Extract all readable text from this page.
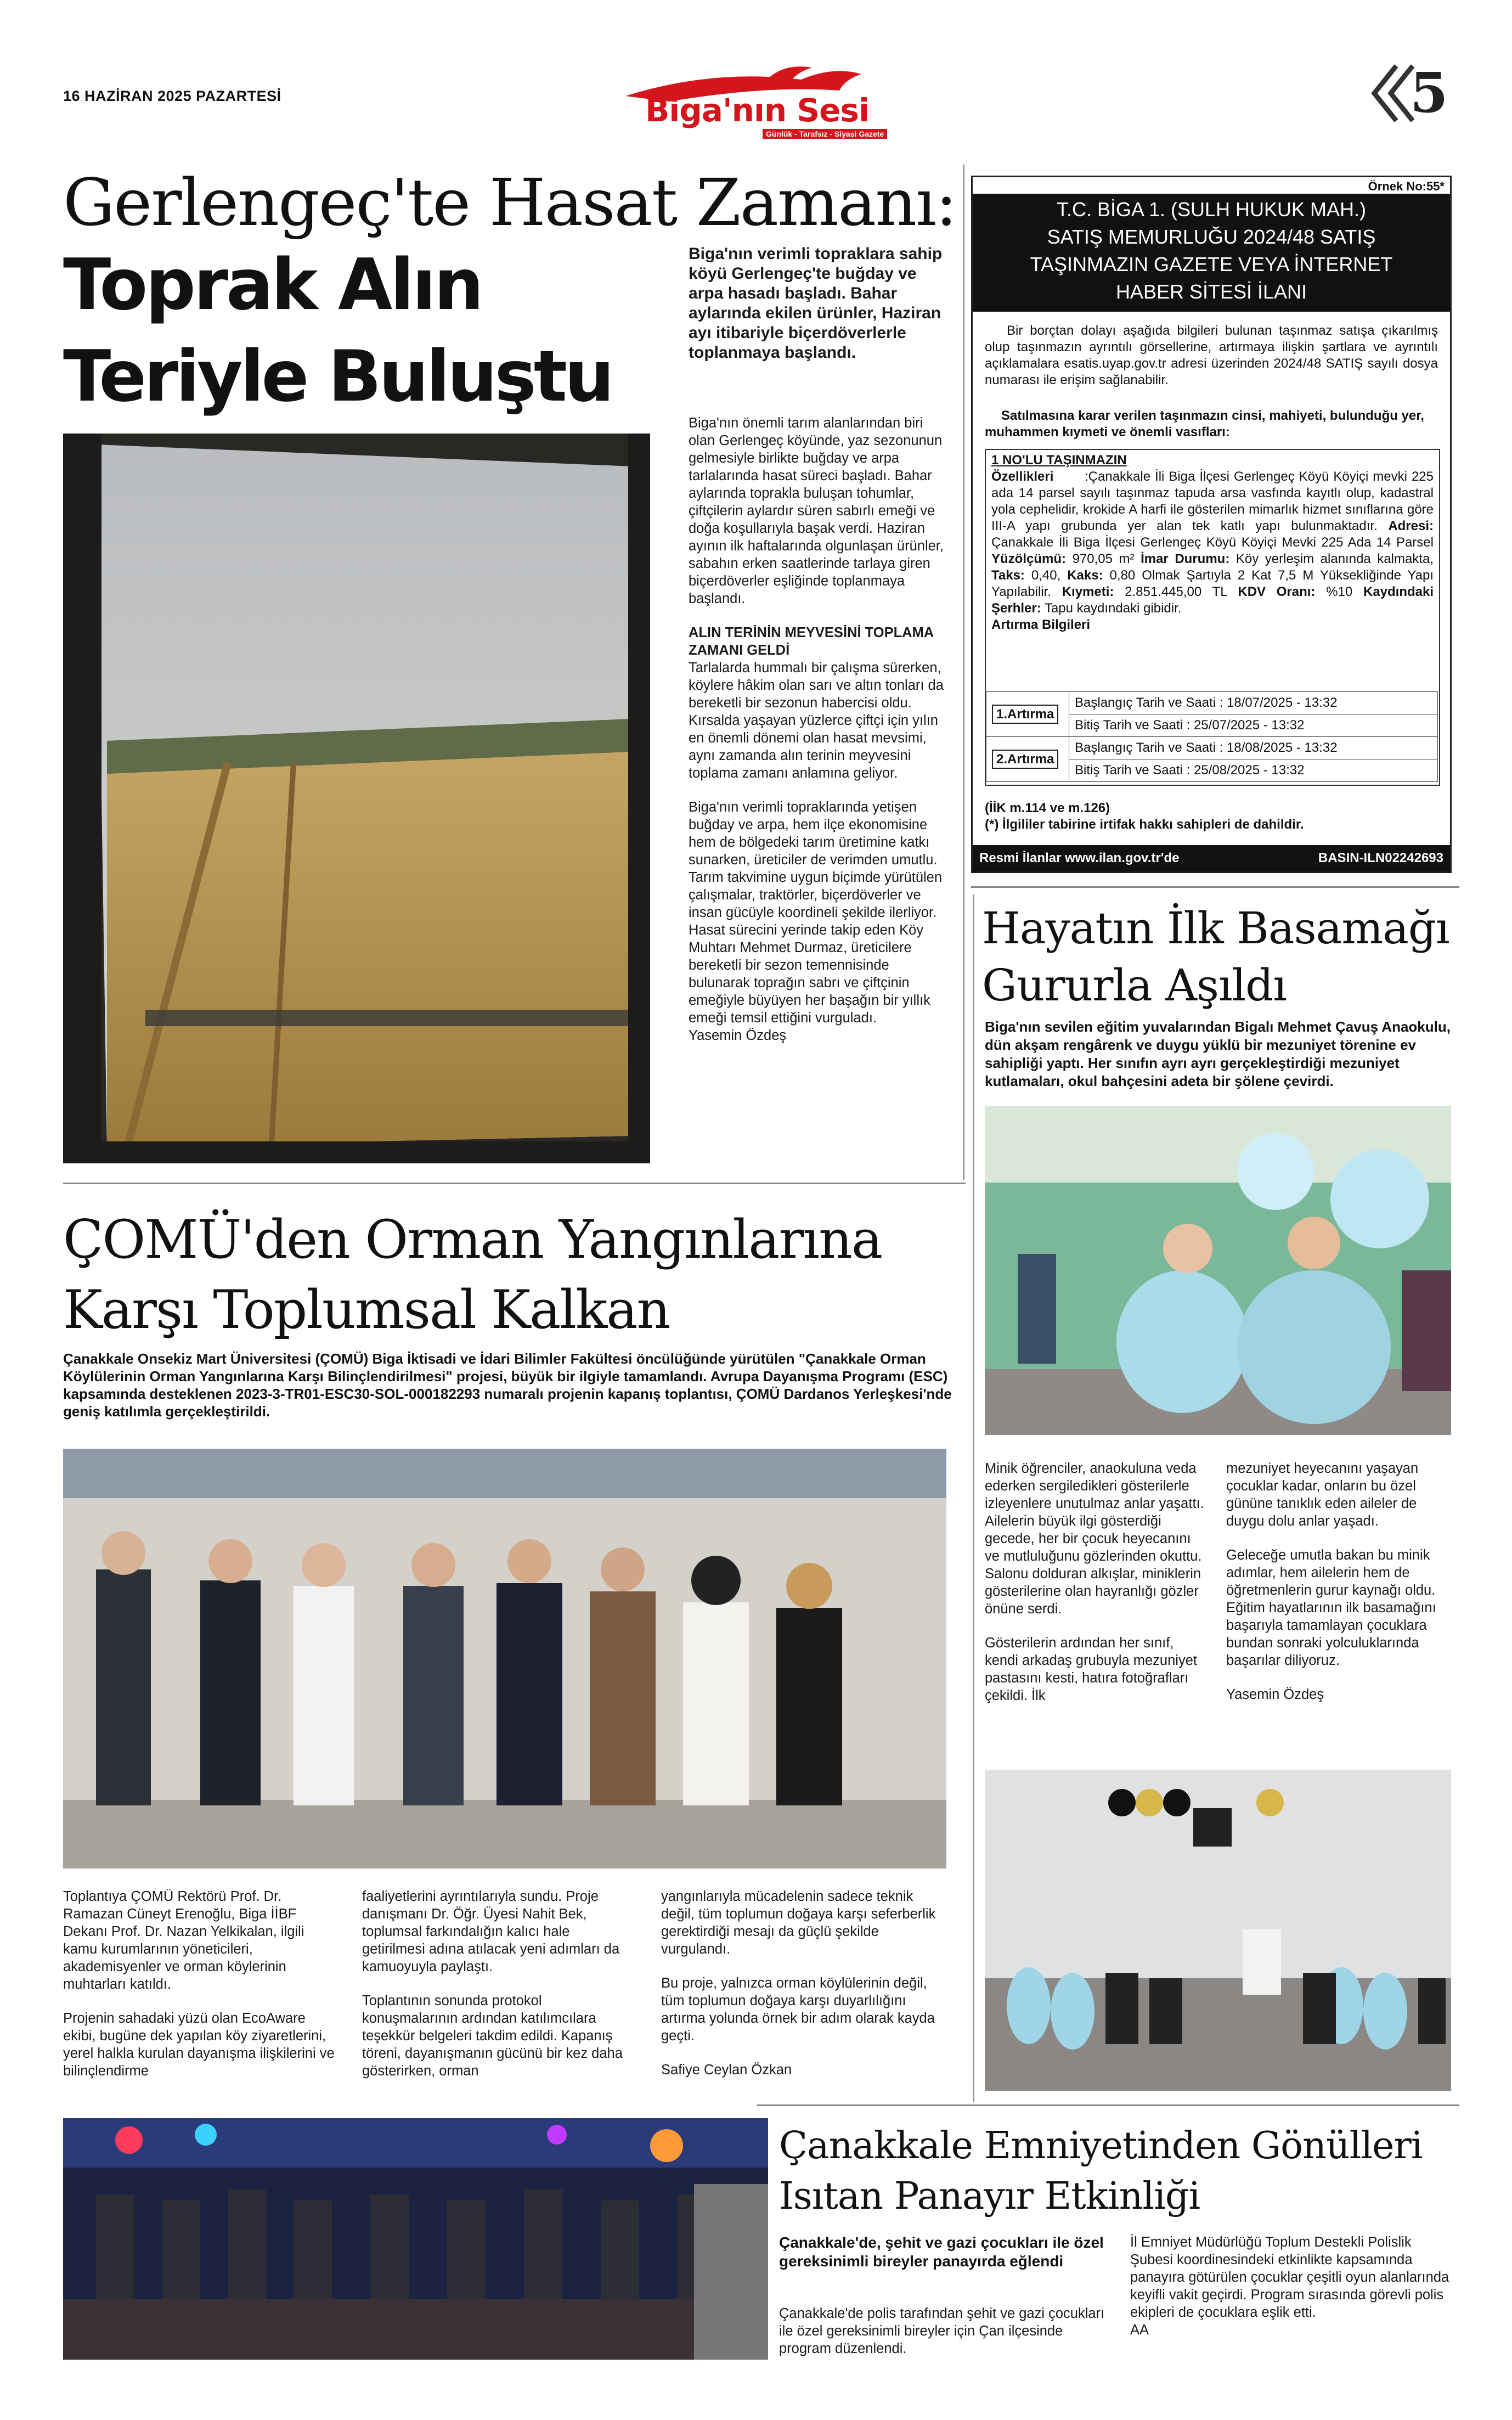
16 HAZİRAN 2025 PAZARTESİ	Biga'nın Sesi
Günlük - Tarafsız - Siyasi Gazete
5
Gerlengeç'te Hasat Zamanı:
Toprak Alın
Teriyle Buluştu
Biga'nın verimli topraklara sahip köyü Gerlengeç'te buğday ve arpa hasadı başladı. Bahar aylarında ekilen ürünler, Haziran ayı itibariyle biçerdöverlerle toplanmaya başlandı.

Biga'nın önemli tarım alanlarından biri olan Gerlengeç köyünde, yaz sezonunun gelmesiyle birlikte buğday ve arpa tarlalarında hasat süreci başladı. Bahar aylarında toprakla buluşan tohumlar, çiftçilerin aylardır süren sabırlı emeği ve doğa koşullarıyla başak verdi. Haziran ayının ilk haftalarında olgunlaşan ürünler, sabahın erken saatlerinde tarlaya giren biçerdöverler eşliğinde toplanmaya başlandı.

ALIN TERİNİN MEYVESİNİ TOPLAMA ZAMANI GELDİ

Tarlalarda hummalı bir çalışma sürerken, köylere hâkim olan sarı ve altın tonları da bereketli bir sezonun habercisi oldu. Kırsalda yaşayan yüzlerce çiftçi için yılın en önemli dönemi olan hasat mevsimi, aynı zamanda alın terinin meyvesini toplama zamanı anlamına geliyor.

Biga'nın verimli topraklarında yetişen buğday ve arpa, hem ilçe ekonomisine hem de bölgedeki tarım üretimine katkı sunarken, üreticiler de verimden umutlu. Tarım takvimine uygun biçimde yürütülen çalışmalar, traktörler, biçerdöverler ve insan gücüyle koordineli şekilde ilerliyor. Hasat sürecini yerinde takip eden Köy Muhtarı Mehmet Durmaz, üreticilere bereketli bir sezon temennisinde bulunarak toprağın sabrı ve çiftçinin emeğiyle büyüyen her başağın bir yıllık emeği temsil ettiğini vurguladı.

Yasemin Özdeş
Örnek No:55*
T.C. BİGA 1. (SULH HUKUK MAH.)
SATIŞ MEMURLUĞU 2024/48 SATIŞ
TAŞINMAZIN GAZETE VEYA İNTERNET
HABER SİTESİ İLANI
Bir borçtan dolayı aşağıda bilgileri bulunan taşınmaz satışa çıkarılmış olup taşınmazın ayrıntılı görsellerine, artırmaya ilişkin şartlara ve ayrıntılı açıklamalara esatis.uyap.gov.tr adresi üzerinden 2024/48 SATIŞ sayılı dosya numarası ile erişim sağlanabilir.
Satılmasına karar verilen taşınmazın cinsi, mahiyeti, bulunduğu yer, muhammen kıymeti ve önemli vasıfları:
1 NO'LU TAŞINMAZIN
Özellikleri :Çanakkale İli Biga İlçesi Gerlengeç Köyü Köyiçi mevki 225 ada 14 parsel sayılı taşınmaz tapuda arsa vasfında kayıtlı olup, kadastral yola cephelidir, krokide A harfi ile gösterilen mimarlık hizmet sınıflarına göre III-A yapı grubunda yer alan tek katlı yapı bulunmaktadır. Adresi: Çanakkale İli Biga İlçesi Gerlengeç Köyü Köyiçi Mevki 225 Ada 14 Parsel Yüzölçümü: 970,05 m² İmar Durumu: Köy yerleşim alanında kalmakta, Taks: 0,40, Kaks: 0,80 Olmak Şartıyla 2 Kat 7,5 M Yüksekliğinde Yapı Yapılabilir. Kıymeti: 2.851.445,00 TL KDV Oranı: %10 Kaydındaki Şerhler: Tapu kaydındaki gibidir.
Artırma Bilgileri
1.Artırma	Başlangıç Tarih ve Saati : 18/07/2025 - 13:32
	Bitiş Tarih ve Saati : 25/07/2025 - 13:32
2.Artırma	Başlangıç Tarih ve Saati : 18/08/2025 - 13:32
	Bitiş Tarih ve Saati : 25/08/2025 - 13:32
(İİK m.114 ve m.126)
(*) İlgililer tabirine irtifak hakkı sahipleri de dahildir.
Resmi İlanlar www.ilan.gov.tr'de	BASIN-ILN02242693
Hayatın İlk Basamağı
Gururla Aşıldı
Biga'nın sevilen eğitim yuvalarından Bigalı Mehmet Çavuş Anaokulu, dün akşam rengârenk ve duygu yüklü bir mezuniyet törenine ev sahipliği yaptı. Her sınıfın ayrı ayrı gerçekleştirdiği mezuniyet kutlamaları, okul bahçesini adeta bir şölene çevirdi.

Minik öğrenciler, anaokuluna veda ederken sergiledikleri gösterilerle izleyenlere unutulmaz anlar yaşattı. Ailelerin büyük ilgi gösterdiği gecede, her bir çocuk heyecanını ve mutluluğunu gözlerinden okuttu. Salonu dolduran alkışlar, miniklerin gösterilerine olan hayranlığı gözler önüne serdi.

Gösterilerin ardından her sınıf, kendi arkadaş grubuyla mezuniyet pastasını kesti, hatıra fotoğrafları çekildi. İlk

mezuniyet heyecanını yaşayan çocuklar kadar, onların bu özel gününe tanıklık eden aileler de duygu dolu anlar yaşadı.

Geleceğe umutla bakan bu minik adımlar, hem ailelerin hem de öğretmenlerin gurur kaynağı oldu. Eğitim hayatlarının ilk basamağını başarıyla tamamlayan çocuklara bundan sonraki yolculuklarında başarılar diliyoruz.

Yasemin Özdeş
ÇOMÜ'den Orman Yangınlarına
Karşı Toplumsal Kalkan
Çanakkale Onsekiz Mart Üniversitesi (ÇOMÜ) Biga İktisadi ve İdari Bilimler Fakültesi öncülüğünde yürütülen "Çanakkale Orman Köylülerinin Orman Yangınlarına Karşı Bilinçlendirilmesi" projesi, büyük bir ilgiyle tamamlandı. Avrupa Dayanışma Programı (ESC) kapsamında desteklenen 2023-3-TR01-ESC30-SOL-000182293 numaralı projenin kapanış toplantısı, ÇOMÜ Dardanos Yerleşkesi'nde geniş katılımla gerçekleştirildi.

Toplantıya ÇOMÜ Rektörü Prof. Dr. Ramazan Cüneyt Erenoğlu, Biga İİBF Dekanı Prof. Dr. Nazan Yelkikalan, ilgili kamu kurumlarının yöneticileri, akademisyenler ve orman köylerinin muhtarları katıldı.

Projenin sahadaki yüzü olan EcoAware ekibi, bugüne dek yapılan köy ziyaretlerini, yerel halkla kurulan dayanışma ilişkilerini ve bilinçlendirme

faaliyetlerini ayrıntılarıyla sundu. Proje danışmanı Dr. Öğr. Üyesi Nahit Bek, toplumsal farkındalığın kalıcı hale getirilmesi adına atılacak yeni adımları da kamuoyuyla paylaştı.

Toplantının sonunda protokol konuşmalarının ardından katılımcılara teşekkür belgeleri takdim edildi. Kapanış töreni, dayanışmanın gücünü bir kez daha gösterirken, orman

yangınlarıyla mücadelenin sadece teknik değil, tüm toplumun doğaya karşı seferberlik gerektirdiği mesajı da güçlü şekilde vurgulandı.

Bu proje, yalnızca orman köylülerinin değil, tüm toplumun doğaya karşı duyarlılığını artırma yolunda örnek bir adım olarak kayda geçti.

Safiye Ceylan Özkan
Çanakkale Emniyetinden Gönülleri
Isıtan Panayır Etkinliği
Çanakkale'de, şehit ve gazi çocukları ile özel gereksinimli bireyler panayırda eğlendi

Çanakkale'de polis tarafından şehit ve gazi çocukları ile özel gereksinimli bireyler için Çan ilçesinde program düzenlendi.

İl Emniyet Müdürlüğü Toplum Destekli Polislik Şubesi koordinesindeki etkinlikte kapsamında panayıra götürülen çocuklar çeşitli oyun alanlarında keyifli vakit geçirdi. Program sırasında görevli polis ekipleri de çocuklara eşlik etti.

AA
